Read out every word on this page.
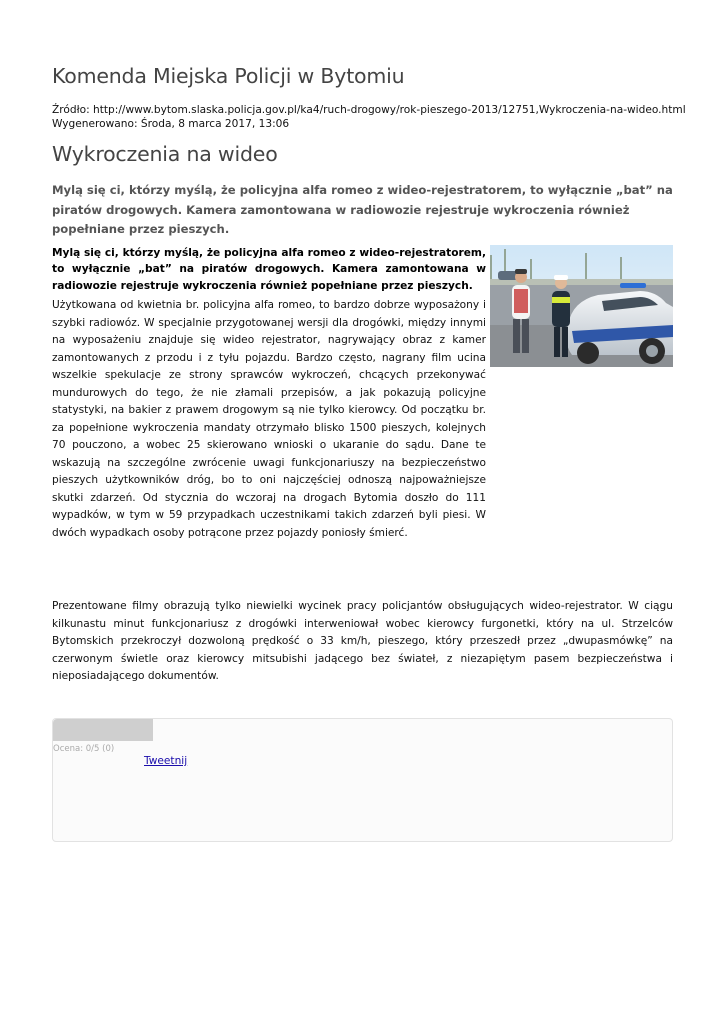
Komenda Miejska Policji w Bytomiu
Źródło: http://www.bytom.slaska.policja.gov.pl/ka4/ruch-drogowy/rok-pieszego-2013/12751,Wykroczenia-na-wideo.html
Wygenerowano: Środa, 8 marca 2017, 13:06
Wykroczenia na wideo

Mylą się ci, którzy myślą, że policyjna alfa romeo z wideo-rejestratorem, to wyłącznie „bat” na piratów drogowych. Kamera zamontowana w radiowozie rejestruje wykroczenia również popełniane przez pieszych.

Mylą się ci, którzy myślą, że policyjna alfa romeo z wideo-rejestratorem, to wyłącznie „bat” na piratów drogowych. Kamera zamontowana w radiowozie rejestruje wykroczenia również popełniane przez pieszych.

Użytkowana od kwietnia br. policyjna alfa romeo, to bardzo dobrze wyposażony i szybki radiowóz. W specjalnie przygotowanej wersji dla drogówki, między innymi na wyposażeniu znajduje się wideo rejestrator, nagrywający obraz z kamer zamontowanych z przodu i z tyłu pojazdu. Bardzo często, nagrany film ucina wszelkie spekulacje ze strony sprawców wykroczeń, chcących przekonywać mundurowych do tego, że nie złamali przepisów, a jak pokazują policyjne statystyki, na bakier z prawem drogowym są nie tylko kierowcy. Od początku br. za popełnione wykroczenia mandaty otrzymało blisko 1500 pieszych, kolejnych 70 pouczono, a wobec 25 skierowano wnioski o ukaranie do sądu. Dane te wskazują na szczególne zwrócenie uwagi funkcjonariuszy na bezpieczeństwo pieszych użytkowników dróg, bo to oni najczęściej odnoszą najpoważniejsze skutki zdarzeń. Od stycznia do wczoraj na drogach Bytomia doszło do 111 wypadków, w tym w 59 przypadkach uczestnikami takich zdarzeń byli piesi. W dwóch wypadkach osoby potrącone przez pojazdy poniosły śmierć.

Prezentowane filmy obrazują tylko niewielki wycinek pracy policjantów obsługujących wideo-rejestrator. W ciągu kilkunastu minut funkcjonariusz z drogówki interweniował wobec kierowcy furgonetki, który na ul. Strzelców Bytomskich przekroczył dozwoloną prędkość o 33 km/h, pieszego, który przeszedł przez „dwupasmówkę” na czerwonym świetle oraz kierowcy mitsubishi jadącego bez świateł, z niezapiętym pasem bezpieczeństwa i nieposiadającego dokumentów.

Ocena: 0/5 (0)
Tweetnij
